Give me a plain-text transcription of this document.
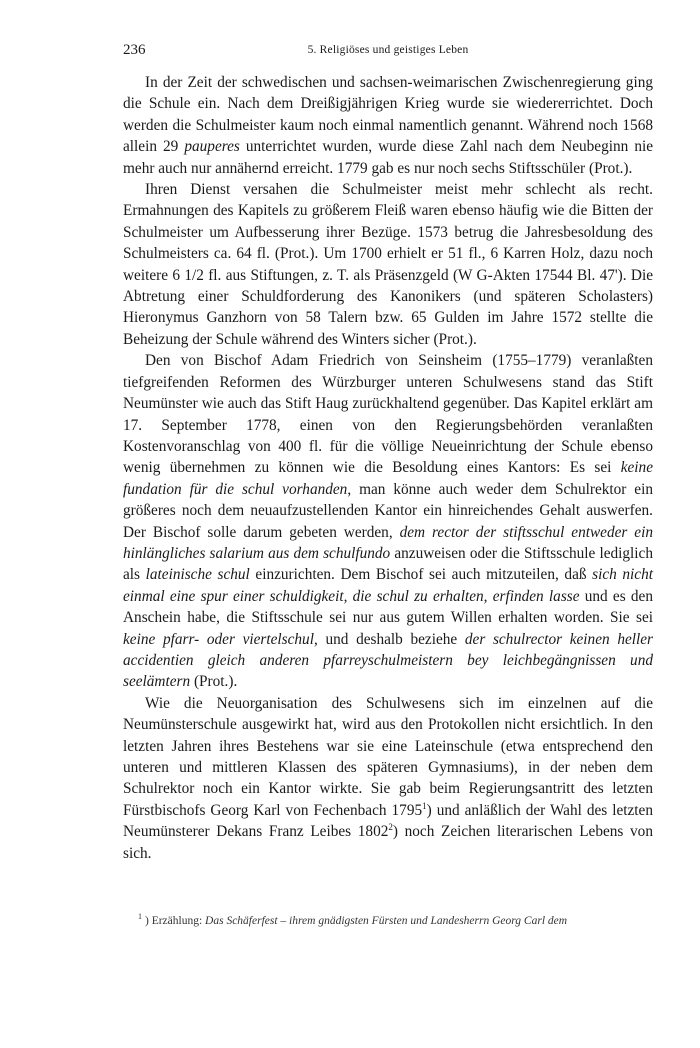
236	5. Religiöses und geistiges Leben

In der Zeit der schwedischen und sachsen-weimarischen Zwischenregierung ging die Schule ein. Nach dem Dreißigjährigen Krieg wurde sie wiedererrichtet. Doch werden die Schulmeister kaum noch einmal namentlich genannt. Während noch 1568 allein 29 pauperes unterrichtet wurden, wurde diese Zahl nach dem Neubeginn nie mehr auch nur annähernd erreicht. 1779 gab es nur noch sechs Stiftsschüler (Prot.).

Ihren Dienst versahen die Schulmeister meist mehr schlecht als recht. Ermahnungen des Kapitels zu größerem Fleiß waren ebenso häufig wie die Bitten der Schulmeister um Aufbesserung ihrer Bezüge. 1573 betrug die Jahresbesoldung des Schulmeisters ca. 64 fl. (Prot.). Um 1700 erhielt er 51 fl., 6 Karren Holz, dazu noch weitere 6 1/2 fl. aus Stiftungen, z. T. als Präsenzgeld (W G-Akten 17544 Bl. 47'). Die Abtretung einer Schuldforderung des Kanonikers (und späteren Scholasters) Hieronymus Ganzhorn von 58 Talern bzw. 65 Gulden im Jahre 1572 stellte die Beheizung der Schule während des Winters sicher (Prot.).

Den von Bischof Adam Friedrich von Seinsheim (1755–1779) veranlaßten tiefgreifenden Reformen des Würzburger unteren Schulwesens stand das Stift Neumünster wie auch das Stift Haug zurückhaltend gegenüber. Das Kapitel erklärt am 17. September 1778, einen von den Regierungsbehörden veranlaßten Kostenvoranschlag von 400 fl. für die völlige Neueinrichtung der Schule ebenso wenig übernehmen zu können wie die Besoldung eines Kantors: Es sei keine fundation für die schul vorhanden, man könne auch weder dem Schulrektor ein größeres noch dem neuaufzustellenden Kantor ein hinreichendes Gehalt auswerfen. Der Bischof solle darum gebeten werden, dem rector der stiftsschul entweder ein hinlängliches salarium aus dem schulfundo anzuweisen oder die Stiftsschule lediglich als lateinische schul einzurichten. Dem Bischof sei auch mitzuteilen, daß sich nicht einmal eine spur einer schuldigkeit, die schul zu erhalten, erfinden lasse und es den Anschein habe, die Stiftsschule sei nur aus gutem Willen erhalten worden. Sie sei keine pfarr- oder viertelschul, und deshalb beziehe der schulrector keinen heller accidentien gleich anderen pfarreyschulmeistern bey leichbegängnissen und seelämtern (Prot.).

Wie die Neuorganisation des Schulwesens sich im einzelnen auf die Neumünsterschule ausgewirkt hat, wird aus den Protokollen nicht ersichtlich. In den letzten Jahren ihres Bestehens war sie eine Lateinschule (etwa entsprechend den unteren und mittleren Klassen des späteren Gymnasiums), in der neben dem Schulrektor noch ein Kantor wirkte. Sie gab beim Regierungsantritt des letzten Fürstbischofs Georg Karl von Fechenbach 1795$^1$) und anläßlich der Wahl des letzten Neumünsterer Dekans Franz Leibes 1802$^2$) noch Zeichen literarischen Lebens von sich.

$^1$ ) Erzählung: Das Schäferfest – ihrem gnädigsten Fürsten und Landesherrn Georg Carl dem
